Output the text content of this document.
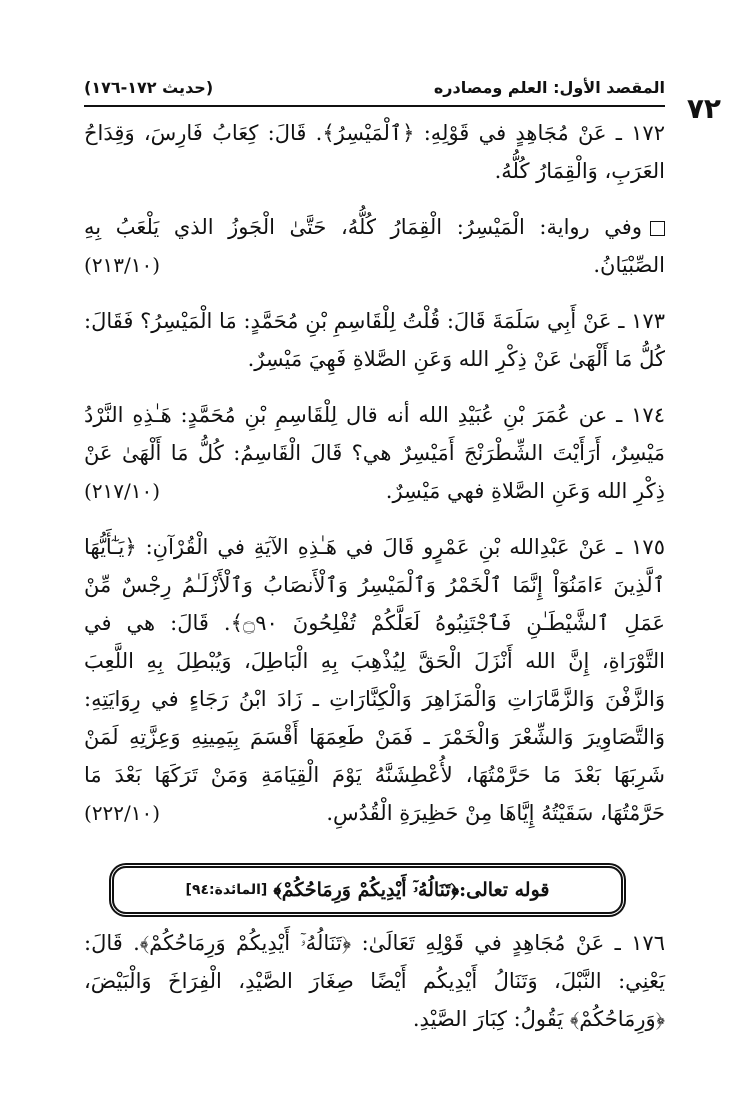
٧٢
المقصد الأول: العلم ومصادره
(حديث ١٧٢-١٧٦)

١٧٢ ـ عَنْ مُجَاهِدٍ في قَوْلِهِ: ﴿ٱلْمَيْسِرُ﴾. قَالَ: كِعَابُ فَارِسَ، وَقِدَاحُ العَرَبِ، وَالْقِمَارُ كُلُّهُ.

وفي رواية: الْمَيْسِرُ: الْقِمَارُ كُلُّهُ، حَتَّىٰ الْجَوزُ الذي يَلْعَبُ بِهِ الصِّبْيَانُ.
(٢١٣/١٠)

١٧٣ ـ عَنْ أَبِي سَلَمَةَ قَالَ: قُلْتُ لِلْقَاسِمِ بْنِ مُحَمَّدٍ: مَا الْمَيْسِرُ؟ فَقَالَ: كُلُّ مَا أَلْهَىٰ عَنْ ذِكْرِ الله وَعَنِ الصَّلاةِ فَهِيَ مَيْسِرٌ.

١٧٤ ـ عن عُمَرَ بْنِ عُبَيْدِ الله أنه قال لِلْقَاسِمِ بْنِ مُحَمَّدٍ: هَـٰذِهِ النَّرْدُ مَيْسِرٌ، أَرَأَيْتَ الشِّطْرَنْجَ أَمَيْسِرٌ هي؟ قَالَ الْقَاسِمُ: كُلُّ مَا أَلْهَىٰ عَنْ ذِكْرِ الله وَعَنِ الصَّلاةِ فهي مَيْسِرٌ.
(٢١٧/١٠)

١٧٥ ـ عَنْ عَبْدِالله بْنِ عَمْرٍو قَالَ في هَـٰذِهِ الآيَةِ في الْقُرْآنِ: ﴿يَـٰٓأَيُّهَا ٱلَّذِينَ ءَامَنُوٓاْ إِنَّمَا ٱلْخَمْرُ وَٱلْمَيْسِرُ وَٱلْأَنصَابُ وَٱلْأَزْلَـٰمُ رِجْسٌ مِّنْ عَمَلِ ٱلشَّيْطَـٰنِ فَٱجْتَنِبُوهُ لَعَلَّكُمْ تُفْلِحُونَ ۝٩٠﴾. قَالَ: هي في التَّوْرَاةِ، إِنَّ الله أَنْزَلَ الْحَقَّ لِيُذْهِبَ بِهِ الْبَاطِلَ، وَيُبْطِلَ بِهِ اللَّعِبَ وَالزَّفْنَ وَالزَّمَّارَاتِ وَالْمَزَاهِرَ وَالْكِنَّارَاتِ ـ زَادَ ابْنُ رَجَاءٍ في رِوَايَتِهِ: وَالتَّصَاوِيرَ وَالشِّعْرَ وَالْخَمْرَ ـ فَمَنْ طَعِمَهَا أَقْسَمَ بِيَمِينِهِ وَعِزَّتِهِ لَمَنْ شَرِبَهَا بَعْدَ مَا حَرَّمْتُهَا، لأُعْطِشَنَّهُ يَوْمَ الْقِيَامَةِ وَمَنْ تَرَكَهَا بَعْدَ مَا حَرَّمْتُهَا، سَقَيْتُهُ إِيَّاهَا مِنْ حَظِيرَةِ الْقُدُسِ.
(٢٢٢/١٠)

قوله تعالى:
﴿تَنَالُهُۥٓ أَيْدِيكُمْ وَرِمَاحُكُمْ﴾
[المائدة:٩٤]

١٧٦ ـ عَنْ مُجَاهِدٍ في قَوْلِهِ تَعَالَىٰ: ﴿تَنَالُهُۥٓ أَيْدِيكُمْ وَرِمَاحُكُمْ﴾. قَالَ: يَعْنِي: النَّبْلَ، وَتَنَالُ أَيْدِيكُم أَيْضًا صِغَارَ الصَّيْدِ، الْفِرَاخَ وَالْبَيْضَ، ﴿وَرِمَاحُكُمْ﴾ يَقُولُ: كِبَارَ الصَّيْدِ.
